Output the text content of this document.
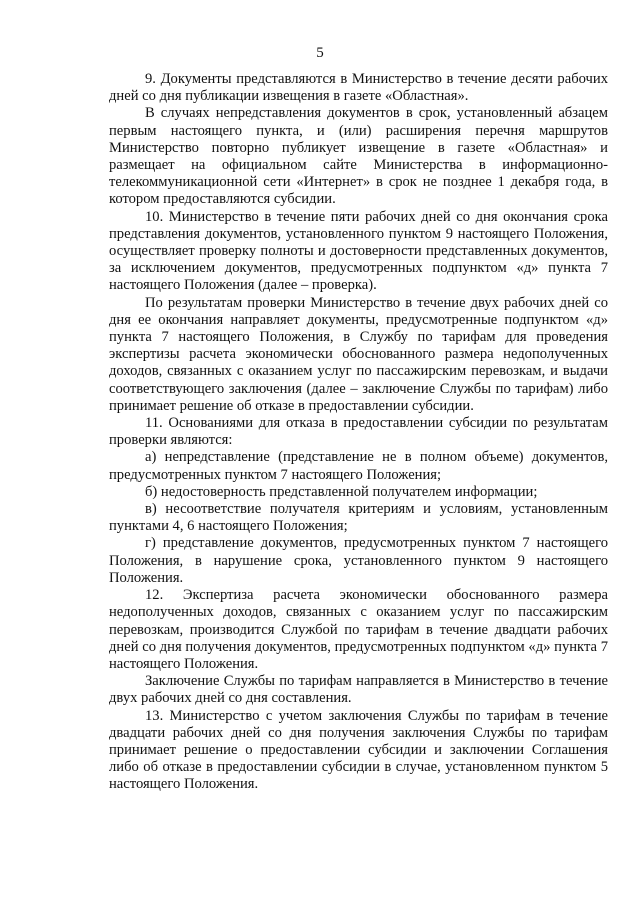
5

9. Документы представляются в Министерство в течение десяти рабочих дней со дня публикации извещения в газете «Областная».

В случаях непредставления документов в срок, установленный абзацем первым настоящего пункта, и (или) расширения перечня маршрутов Министерство повторно публикует извещение в газете «Областная» и размещает на официальном сайте Министерства в информационно-телекоммуникационной сети «Интернет» в срок не позднее 1 декабря года, в котором предоставляются субсидии.

10. Министерство в течение пяти рабочих дней со дня окончания срока представления документов, установленного пунктом 9 настоящего Положения, осуществляет проверку полноты и достоверности представленных документов, за исключением документов, предусмотренных подпунктом «д» пункта 7 настоящего Положения (далее – проверка).

По результатам проверки Министерство в течение двух рабочих дней со дня ее окончания направляет документы, предусмотренные подпунктом «д» пункта 7 настоящего Положения, в Службу по тарифам для проведения экспертизы расчета экономически обоснованного размера недополученных доходов, связанных с оказанием услуг по пассажирским перевозкам, и выдачи соответствующего заключения (далее – заключение Службы по тарифам) либо принимает решение об отказе в предоставлении субсидии.

11. Основаниями для отказа в предоставлении субсидии по результатам проверки являются:

а) непредставление (представление не в полном объеме) документов, предусмотренных пунктом 7 настоящего Положения;

б) недостоверность представленной получателем информации;

в) несоответствие получателя критериям и условиям, установленным пунктами 4, 6 настоящего Положения;

г) представление документов, предусмотренных пунктом 7 настоящего Положения, в нарушение срока, установленного пунктом 9 настоящего Положения.

12. Экспертиза расчета экономически обоснованного размера недополученных доходов, связанных с оказанием услуг по пассажирским перевозкам, производится Службой по тарифам в течение двадцати рабочих дней со дня получения документов, предусмотренных подпунктом «д» пункта 7 настоящего Положения.

Заключение Службы по тарифам направляется в Министерство в течение двух рабочих дней со дня составления.

13. Министерство с учетом заключения Службы по тарифам в течение двадцати рабочих дней со дня получения заключения Службы по тарифам принимает решение о предоставлении субсидии и заключении Соглашения либо об отказе в предоставлении субсидии в случае, установленном пунктом 5 настоящего Положения.
